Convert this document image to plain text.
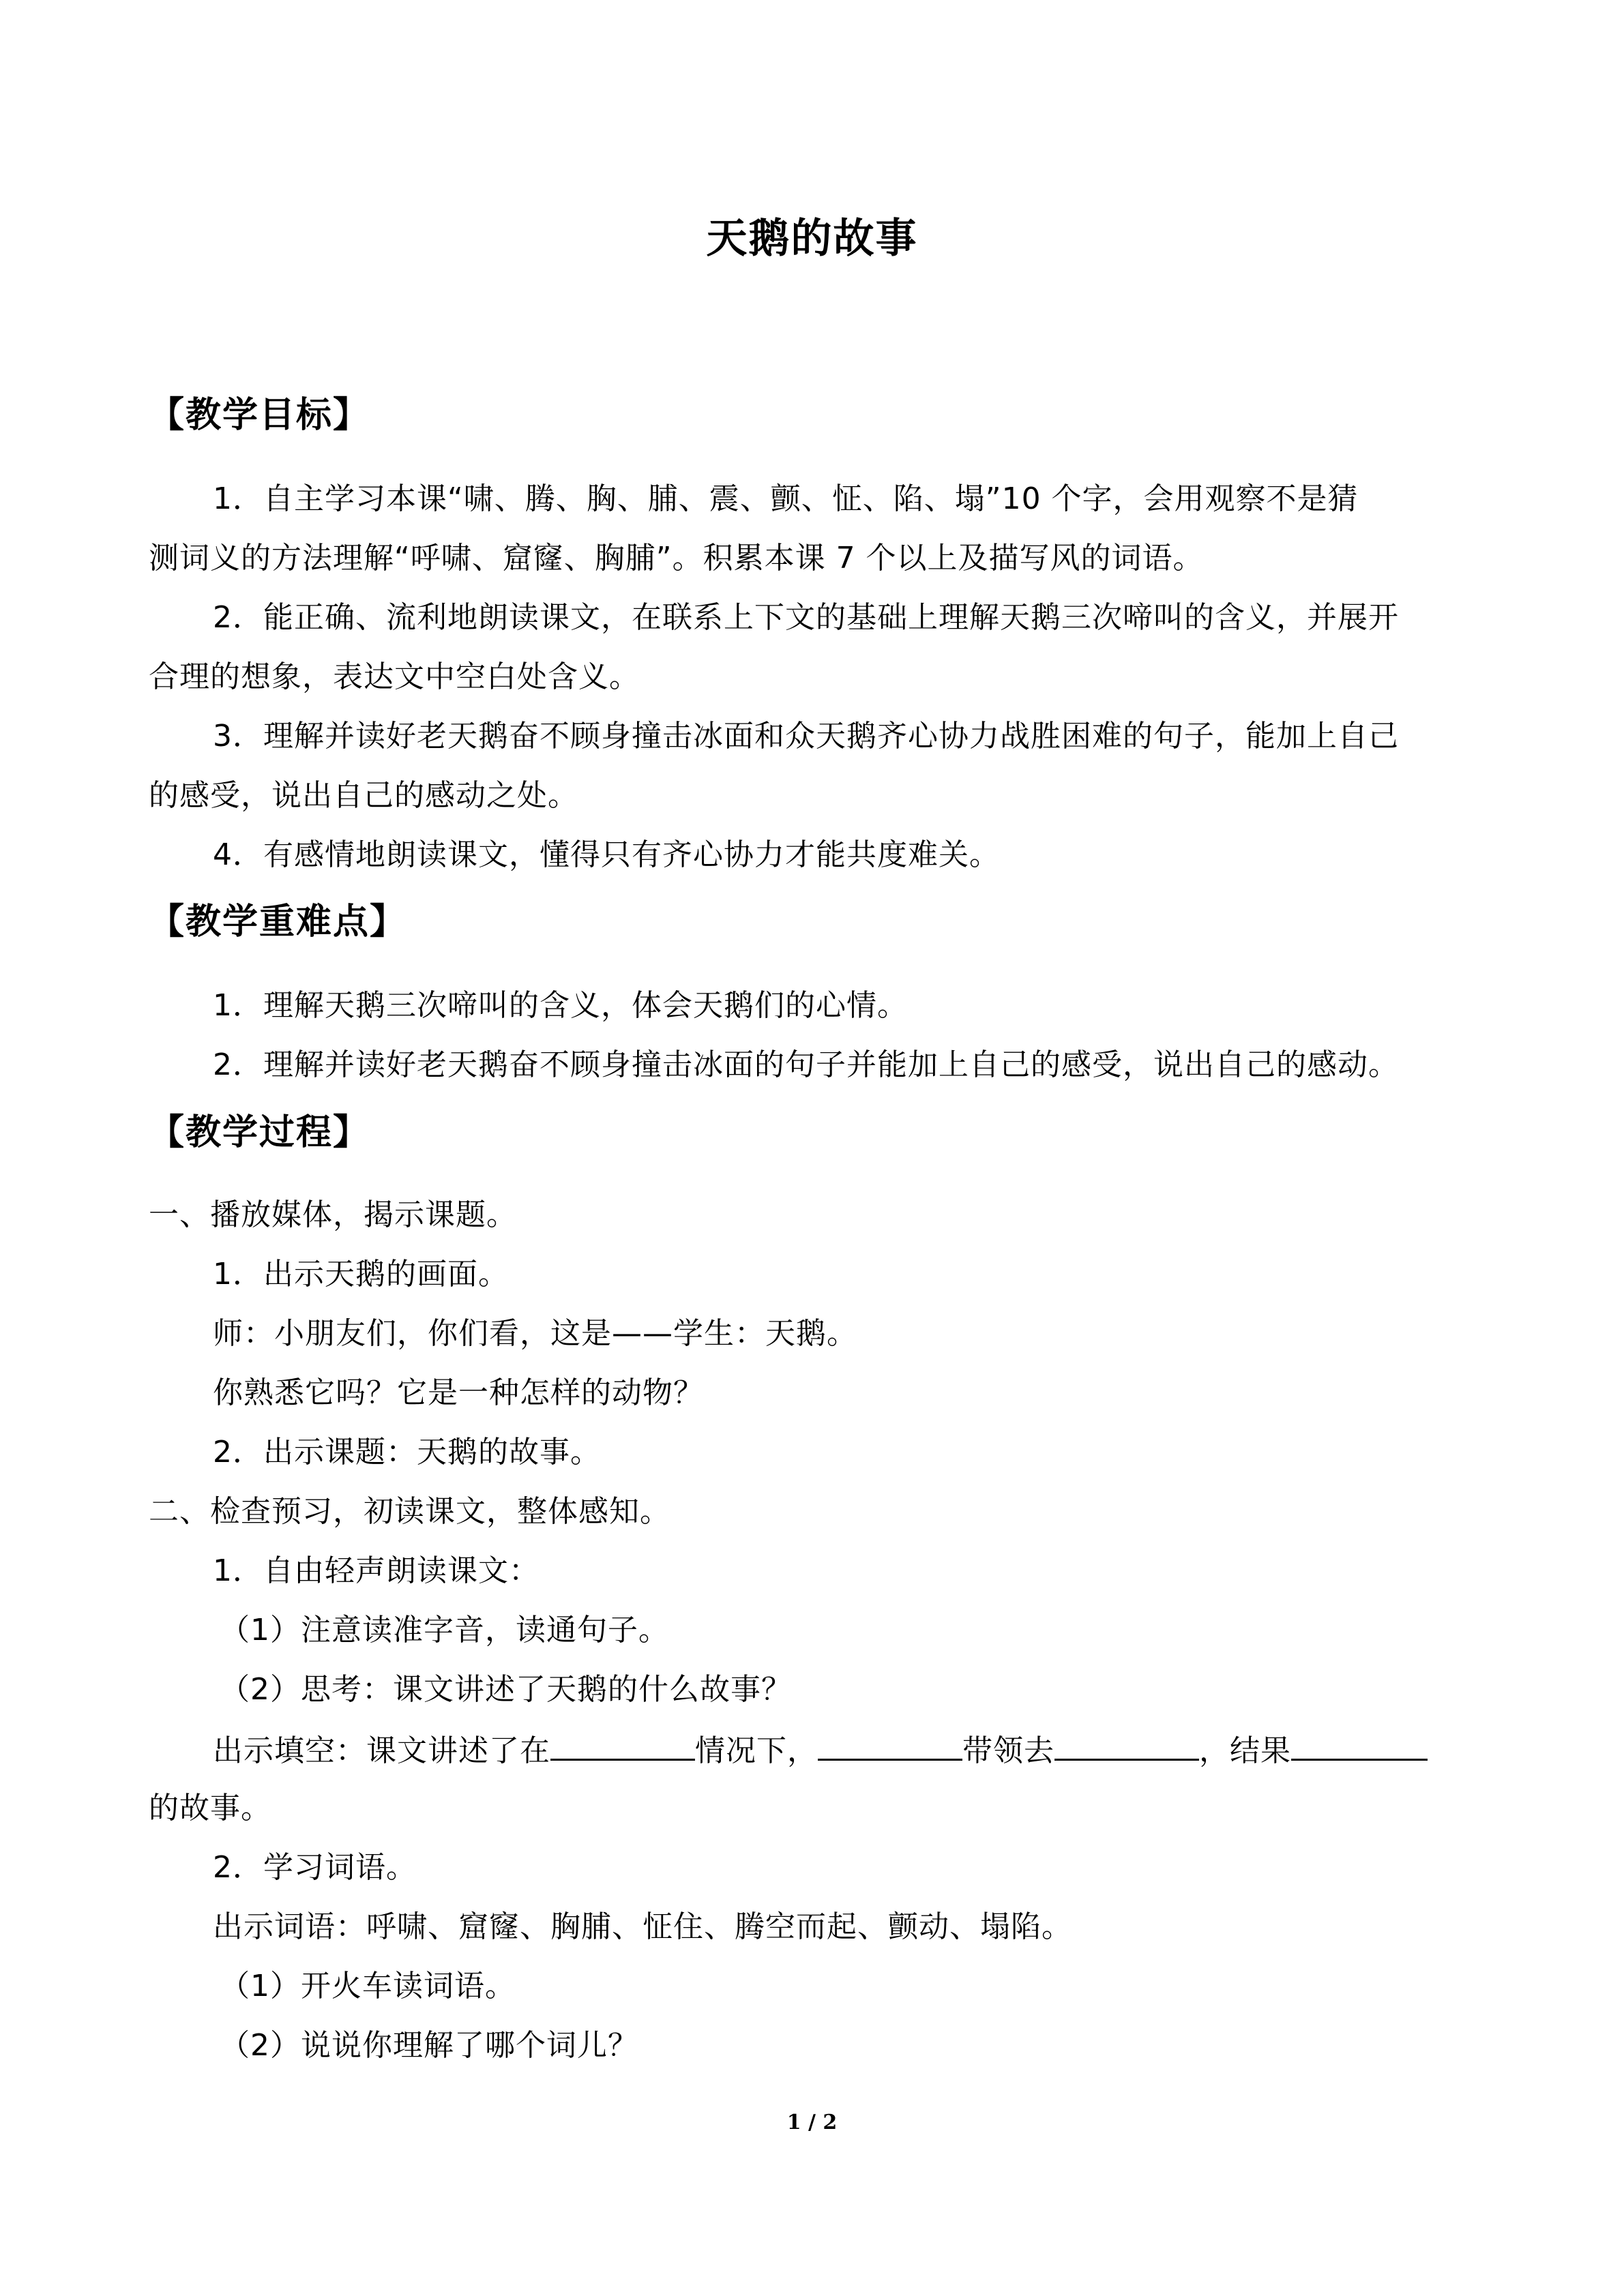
天鹅的故事
【教学目标】
1．自主学习本课“啸、腾、胸、脯、震、颤、怔、陷、塌”10 个字，会用观察不是猜
测词义的方法理解“呼啸、窟窿、胸脯”。积累本课 7 个以上及描写风的词语。
2．能正确、流利地朗读课文，在联系上下文的基础上理解天鹅三次啼叫的含义，并展开
合理的想象，表达文中空白处含义。
3．理解并读好老天鹅奋不顾身撞击冰面和众天鹅齐心协力战胜困难的句子，能加上自己
的感受，说出自己的感动之处。
4．有感情地朗读课文，懂得只有齐心协力才能共度难关。
【教学重难点】
1．理解天鹅三次啼叫的含义，体会天鹅们的心情。
2．理解并读好老天鹅奋不顾身撞击冰面的句子并能加上自己的感受，说出自己的感动。
【教学过程】
一、播放媒体，揭示课题。
1．出示天鹅的画面。
师：小朋友们，你们看，这是——学生：天鹅。
你熟悉它吗？它是一种怎样的动物？
2．出示课题：天鹅的故事。
二、检查预习，初读课文，整体感知。
1．自由轻声朗读课文：
（1）注意读准字音，读通句子。
（2）思考：课文讲述了天鹅的什么故事？
出示填空：课文讲述了在	情况下，	带领去	，结果
的故事。
2．学习词语。
出示词语：呼啸、窟窿、胸脯、怔住、腾空而起、颤动、塌陷。
（1）开火车读词语。
（2）说说你理解了哪个词儿？
1 / 2
